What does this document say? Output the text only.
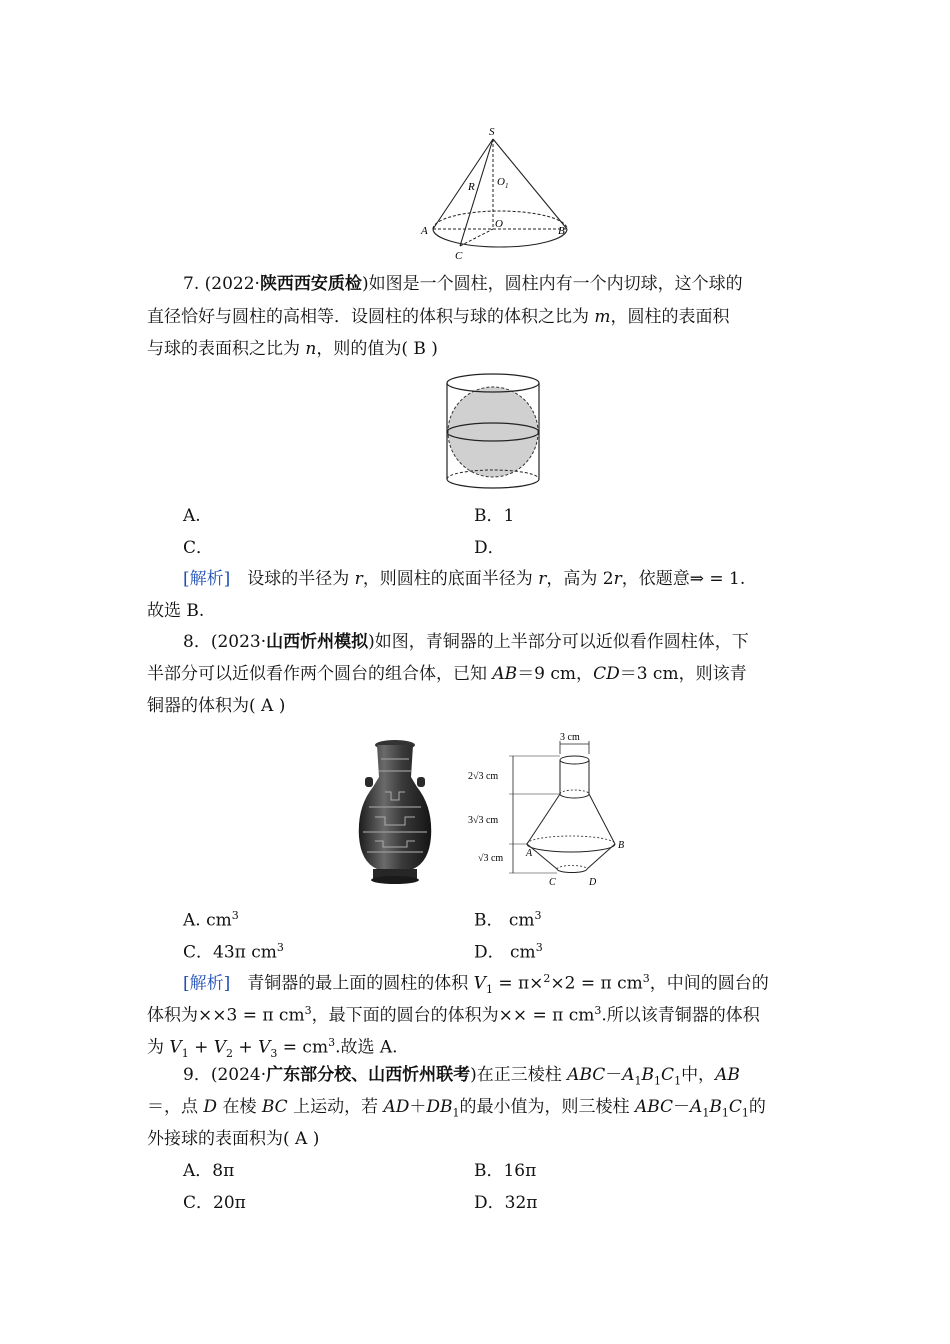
S
$O_1$
R
O
A	B
C
7. (2022·陕西西安质检)如图是一个圆柱，圆柱内有一个内切球，这个球的
直径恰好与圆柱的高相等．设圆柱的体积与球的体积之比为 m，圆柱的表面积
与球的表面积之比为 n，则的值为( B )
A.	B．1
C．	D．
[解析]　设球的半径为 r，则圆柱的底面半径为 r，高为 2r，依题意⇒ = 1.
故选 B.
8．(2023·山西忻州模拟)如图，青铜器的上半部分可以近似看作圆柱体，下
半部分可以近似看作两个圆台的组合体，已知 AB＝9 cm，CD＝3 cm，则该青
铜器的体积为( A )
3 cm
2√3 cm
3√3 cm
√3 cm A
B
C	D
A. $cm^3$	B． $cm^3$
C．43π $cm^3$	D． $cm^3$
[解析]　青铜器的最上面的圆柱的体积 $V_1 = \pi\times^2\times 2 = \pi$ $cm^3$，中间的圆台的
体积为××3 = π $cm^3$，最下面的圆台的体积为×× = π $cm^3$.所以该青铜器的体积
为 $V_1 + V_2 + V_3 = cm^3$.故选 A.
9．(2024·广东部分校、山西忻州联考)在正三棱柱 $ABC-A_1B_1C_1$中，AB
＝，点 D 在棱 BC 上运动，若 $AD+DB_1$的最小值为，则三棱柱 $ABC-A_1B_1C_1$的
外接球的表面积为( A )
A．8π	B．16π
C．20π	D．32π
